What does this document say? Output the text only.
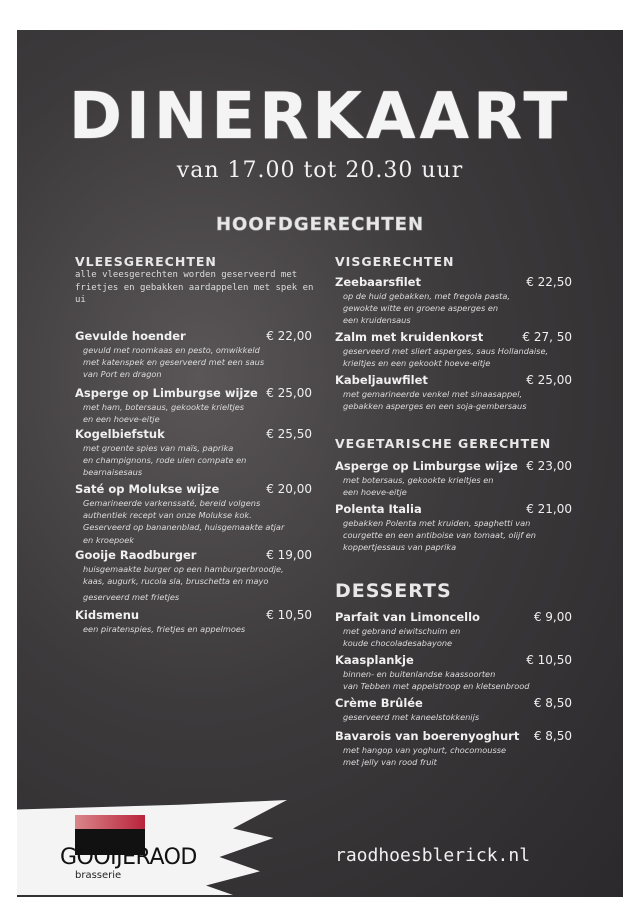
DINERKAART
van 17.00 tot 20.30 uur
HOOFDGERECHTEN
VLEESGERECHTEN
alle vleesgerechten worden geserveerd met frietjes en gebakken aardappelen met spek en ui
VISGERECHTEN
VEGETARISCHE GERECHTEN
DESSERTS
Gevulde hoender	€ 22,00
gevuld met roomkaas en pesto, omwikkeld
met katenspek en geserveerd met een saus
van Port en dragon
Asperge op Limburgse wijze € 25,00
met ham, botersaus, gekookte krieltjes
en een hoeve-eitje
Kogelbiefstuk	€ 25,50
met groente spies van maïs, paprika
en champignons, rode uien compate en
bearnaisesaus
Saté op Molukse wijze	€ 20,00
Gemarineerde varkenssaté, bereid volgens
authentiek recept van onze Molukse kok.
Geserveerd op bananenblad, huisgemaakte atjar
en kroepoek
Gooije Raodburger	€ 19,00
huisgemaakte burger op een hamburgerbroodje,
kaas, augurk, rucola sla, bruschetta en mayo
geserveerd met frietjes
Kidsmenu	€ 10,50
een piratenspies, frietjes en appelmoes
Zeebaarsfilet	€ 22,50
op de huid gebakken, met fregola pasta,
gewokte witte en groene asperges en
een kruidensaus
Zalm met kruidenkorst	€ 27, 50
geserveerd met sliert asperges, saus Hollandaise,
krieltjes en een gekookt hoeve-eitje
Kabeljauwfilet	€ 25,00
met gemarineerde venkel met sinaasappel,
gebakken asperges en een soja-gembersaus
Asperge op Limburgse wijze € 23,00
met botersaus, gekookte krieltjes en
een hoeve-eitje
Polenta Italia	€ 21,00
gebakken Polenta met kruiden, spaghetti van
courgette en een antiboise van tomaat, olijf en
koppertjessaus van paprika
Parfait van Limoncello	€ 9,00
met gebrand eiwitschuim en
koude chocoladesabayone
Kaasplankje	€ 10,50
binnen- en buitenlandse kaassoorten
van Tebben met appelstroop en kletsenbrood
Crème Brûlée	€ 8,50
geserveerd met kaneelstokkenijs
Bavarois van boerenyoghurt € 8,50
met hangop van yoghurt, chocomousse
met jelly van rood fruit
GOOIJERAOD
brasserie
raodhoesblerick.nl
